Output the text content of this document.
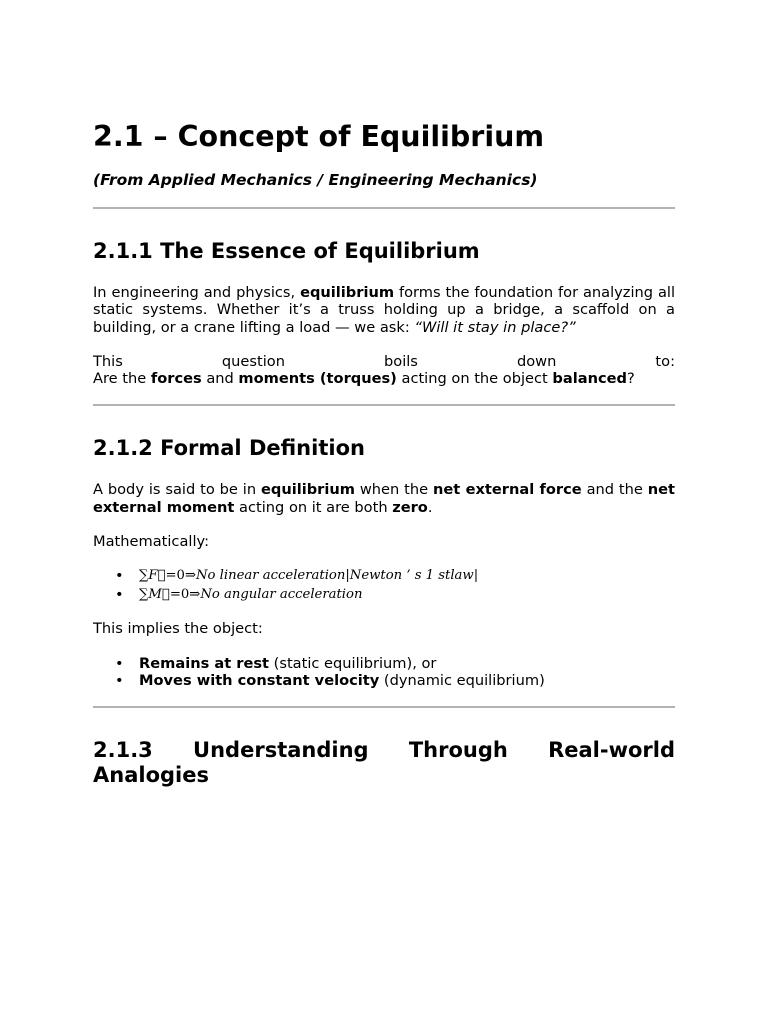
2.1 – Concept of Equilibrium

(From Applied Mechanics / Engineering Mechanics)

2.1.1 The Essence of Equilibrium

In engineering and physics, equilibrium forms the foundation for analyzing all static systems. Whether it’s a truss holding up a bridge, a scaffold on a building, or a crane lifting a load — we ask: “Will it stay in place?”

This question boils down to:

Are the forces and moments (torques) acting on the object balanced?

2.1.2 Formal Definition

A body is said to be in equilibrium when the net external force and the net external moment acting on it are both zero.

Mathematically:

• ∑F⃗=0⇒No linear acceleration|Newton ’ s 1 stlaw|
• ∑M⃗=0⇒No angular acceleration

This implies the object:

• Remains at rest (static equilibrium), or
• Moves with constant velocity (dynamic equilibrium)
2.1.3 Understanding Through Real-world Analogies
